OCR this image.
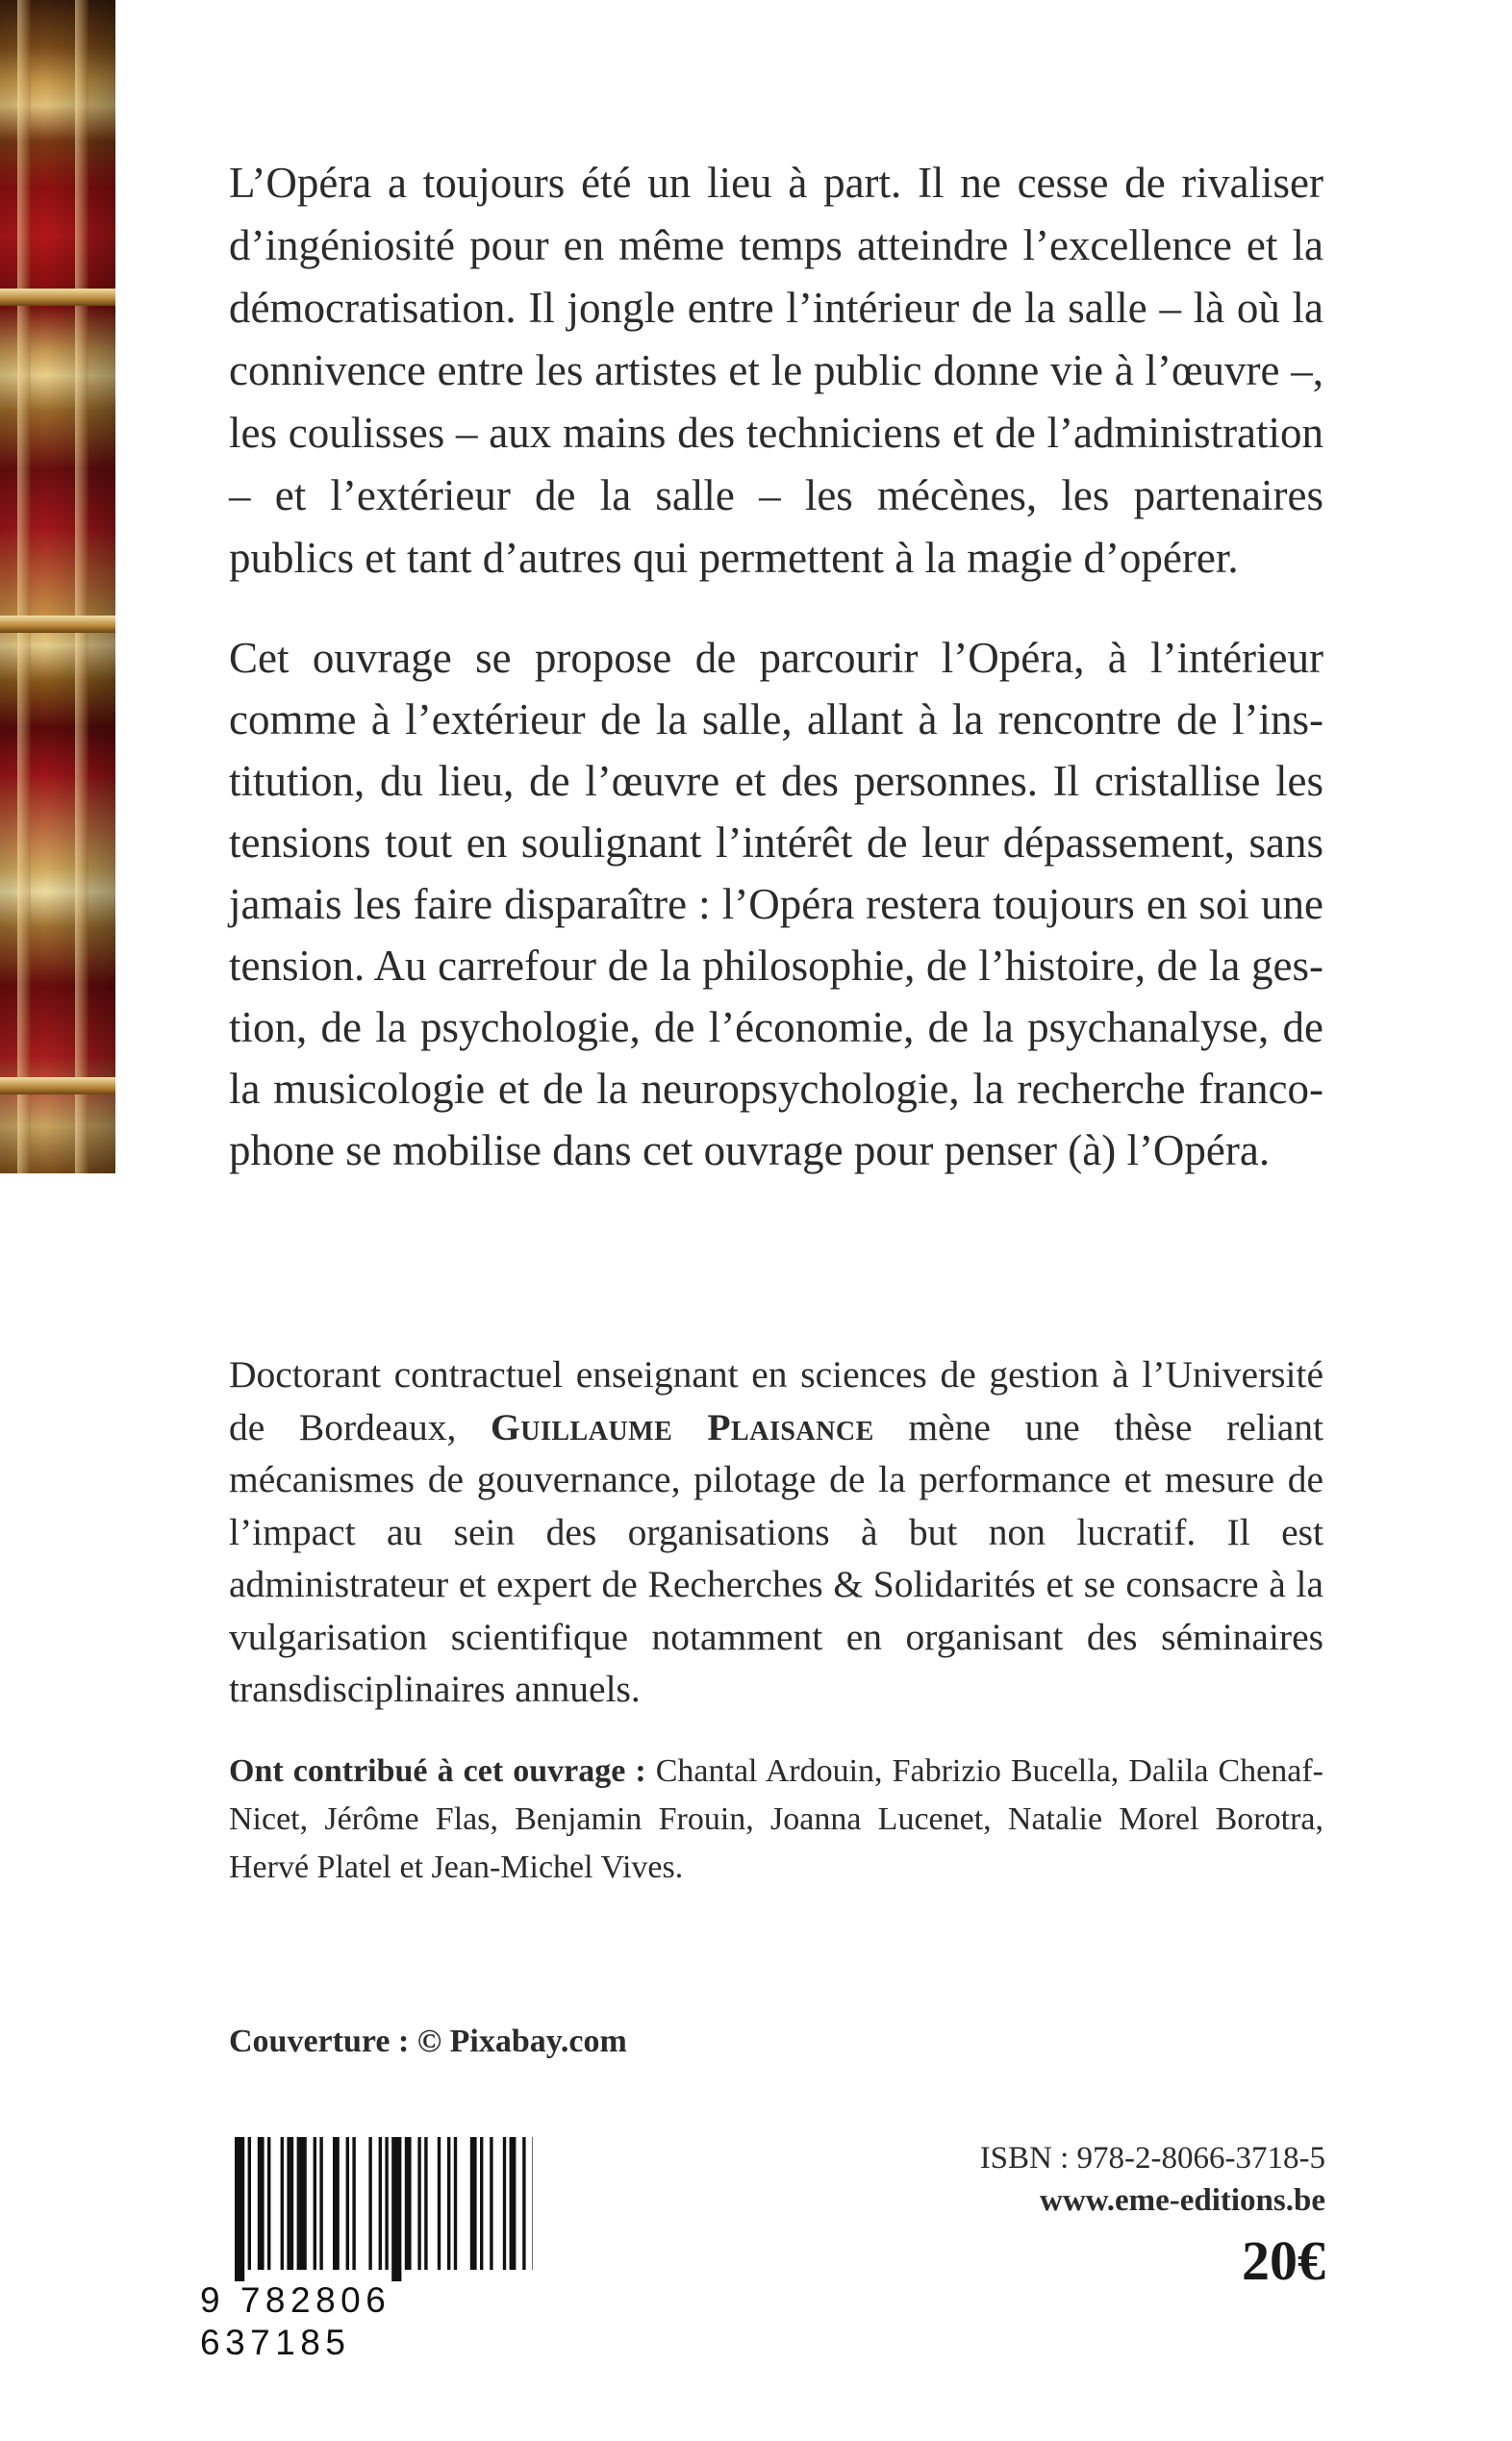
L’Opéra a toujours été un lieu à part. Il ne cesse de rivaliser d’ingéniosité pour en même temps atteindre l’excellence et la démocratisation. Il jongle entre l’intérieur de la salle – là où la connivence entre les artistes et le public donne vie à l’œuvre –, les coulisses – aux mains des techniciens et de l’administration – et l’extérieur de la salle – les mécènes, les partenaires publics et tant d’autres qui permettent à la magie d’opérer.

Cet ouvrage se propose de parcourir l’Opéra, à l’intérieur comme à l’extérieur de la salle, allant à la rencontre de l’institution, du lieu, de l’œuvre et des personnes. Il cristallise les tensions tout en soulignant l’intérêt de leur dépassement, sans jamais les faire disparaître : l’Opéra restera toujours en soi une tension. Au carrefour de la philosophie, de l’histoire, de la gestion, de la psychologie, de l’économie, de la psychanalyse, de la musicologie et de la neuropsychologie, la recherche francophone se mobilise dans cet ouvrage pour penser (à) l’Opéra.

Doctorant contractuel enseignant en sciences de gestion à l’Université de Bordeaux, Guillaume Plaisance mène une thèse reliant mécanismes de gouvernance, pilotage de la performance et mesure de l’impact au sein des organisations à but non lucratif. Il est administrateur et expert de Recherches & Solidarités et se consacre à la vulgarisation scientifique notamment en organisant des séminaires transdisciplinaires annuels.

Ont contribué à cet ouvrage : Chantal Ardouin, Fabrizio Bucella, Dalila Chenaf-Nicet, Jérôme Flas, Benjamin Frouin, Joanna Lucenet, Natalie Morel Borotra, Hervé Platel et Jean-Michel Vives.

Couverture : © Pixabay.com

9 782806 637185

ISBN : 978-2-8066-3718-5

www.eme-editions.be

20€
